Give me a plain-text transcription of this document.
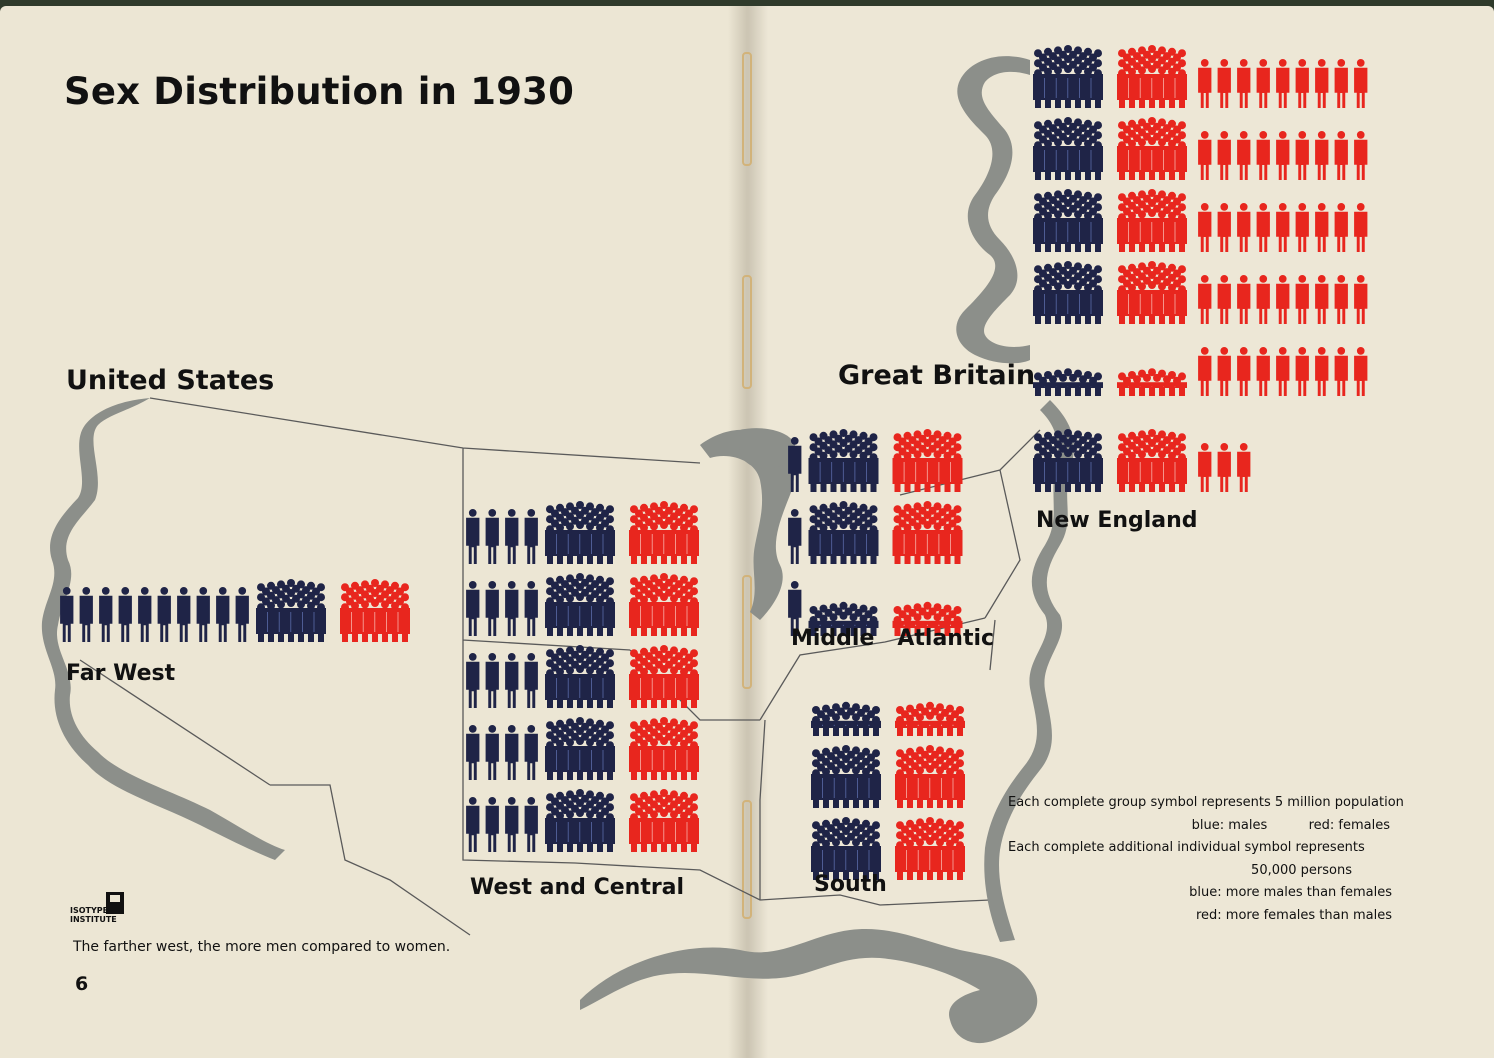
Sex Distribution in 1930
United States	Great Britain
Far West
West and Central
Middle   Atlantic
South
New England
ISOTYPE
INSTITUTE
The farther west, the more men compared to women.
6
Each complete group symbol represents 5 million population
blue: males          red: females
Each complete additional individual symbol represents
50,000 persons
blue: more males than females
red: more females than males
